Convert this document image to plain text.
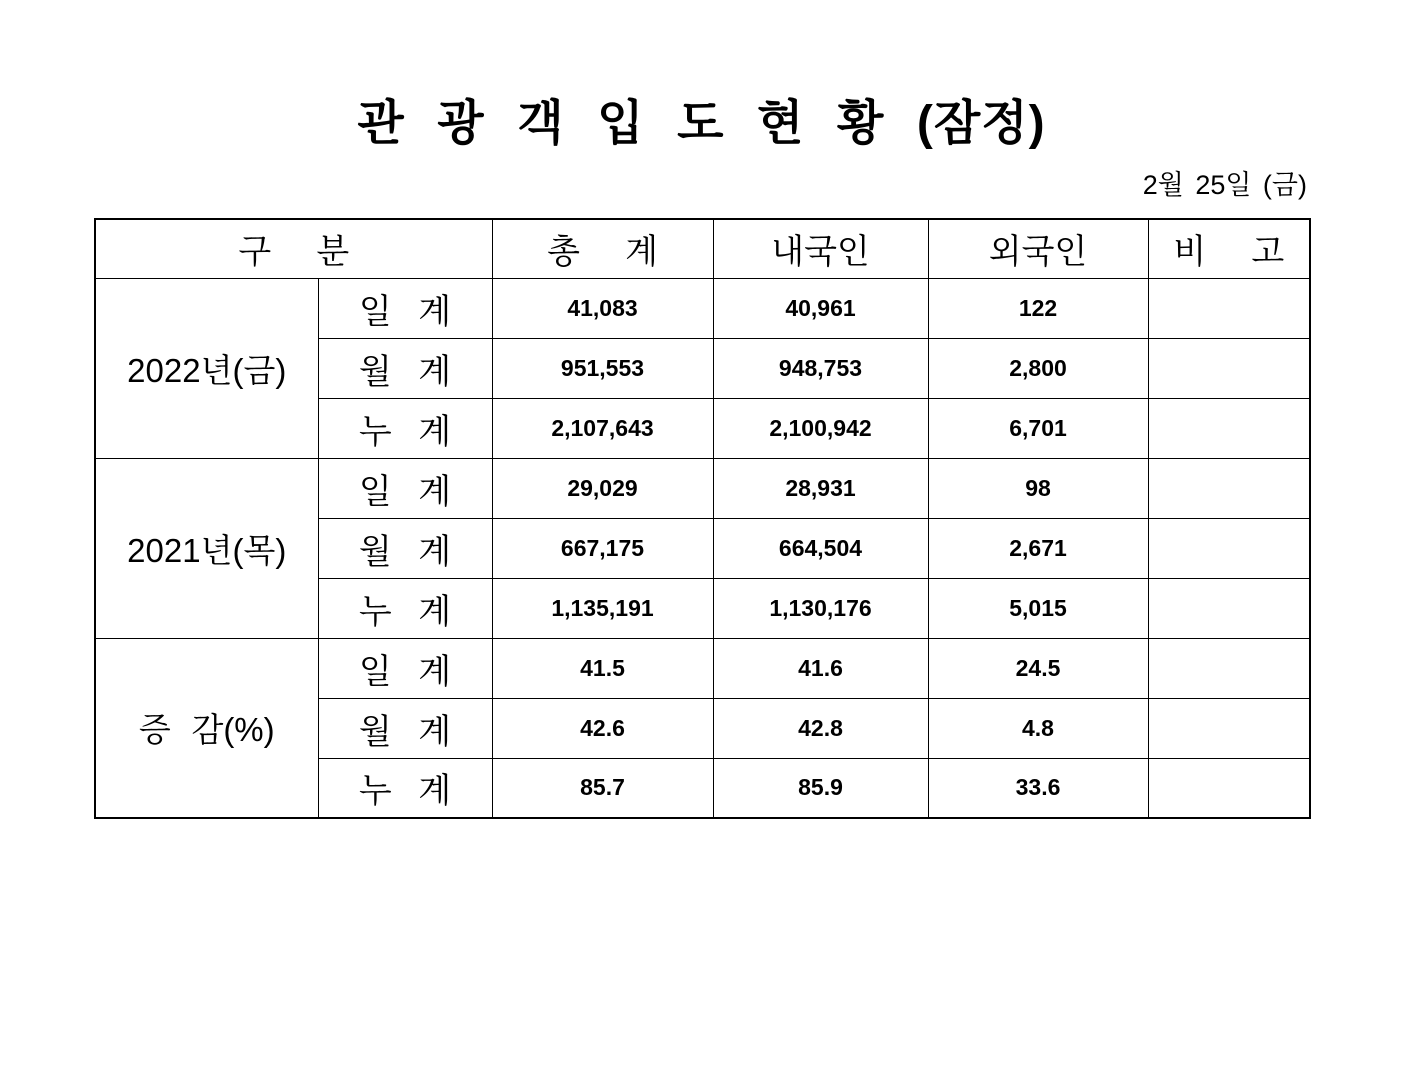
관 광 객 입 도 현 황 (잠정)
2월 25일 (금)
구 분		총 계	내국인	외국인	비 고
2022년(금)	일 계	41,083	40,961	122	
	월 계	951,553	948,753	2,800	
	누 계	2,107,643	2,100,942	6,701	
2021년(목)	일 계	29,029	28,931	98	
	월 계	667,175	664,504	2,671	
	누 계	1,135,191	1,130,176	5,015	
증 감(%)	일 계	41.5	41.6	24.5	
	월 계	42.6	42.8	4.8	
	누 계	85.7	85.9	33.6	
